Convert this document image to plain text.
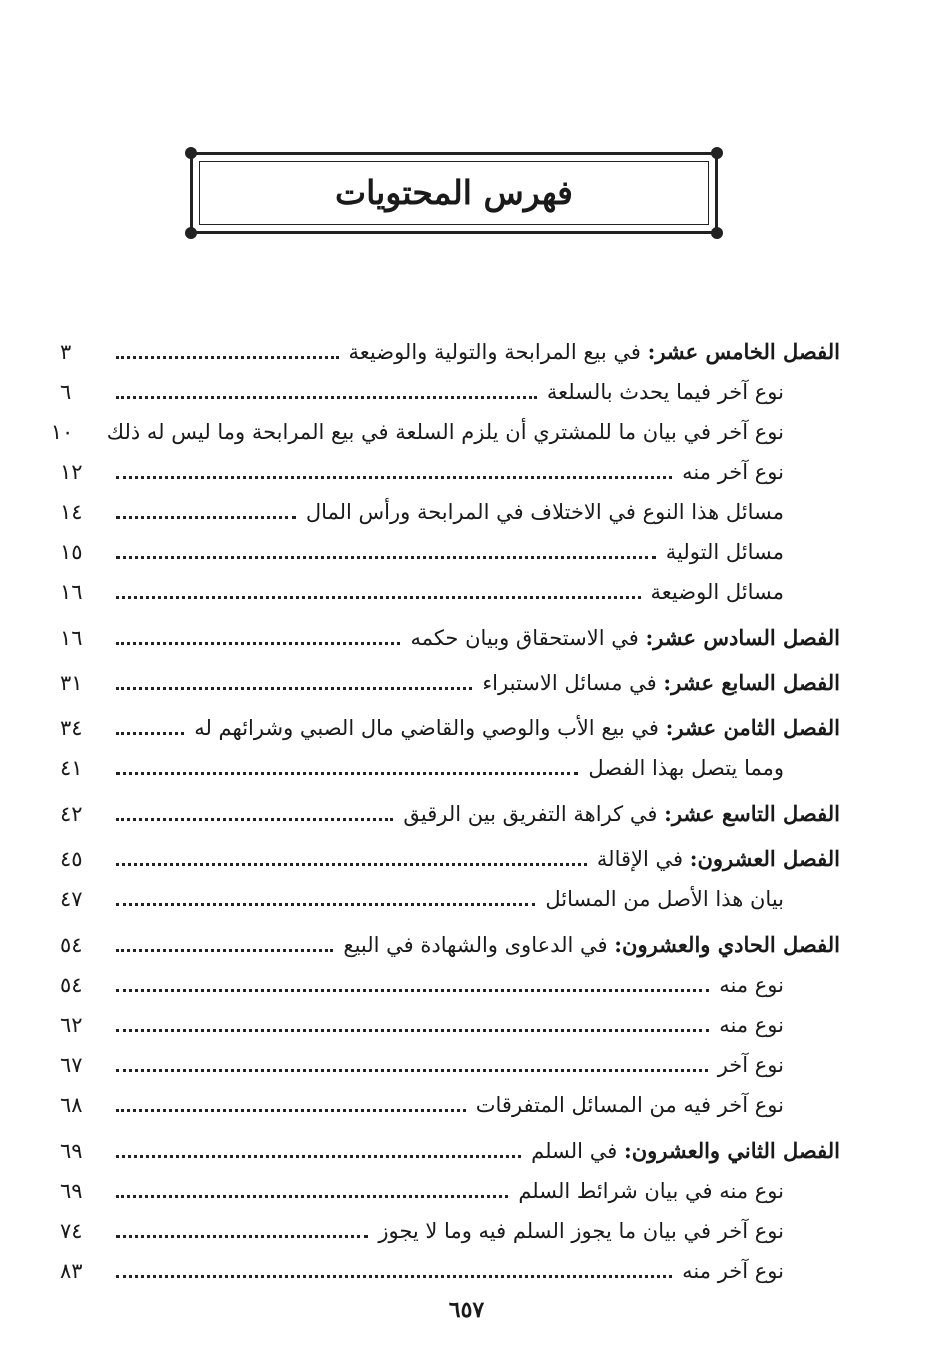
فهرس المحتويات
الفصل الخامس عشر: في بيع المرابحة والتولية والوضيعة
٣
نوع آخر فيما يحدث بالسلعة
٦
نوع آخر في بيان ما للمشتري أن يلزم السلعة في بيع المرابحة وما ليس له ذلك
١٠
نوع آخر منه
١٢
مسائل هذا النوع في الاختلاف في المرابحة ورأس المال
١٤
مسائل التولية
١٥
مسائل الوضيعة
١٦
الفصل السادس عشر: في الاستحقاق وبيان حكمه
١٦
الفصل السابع عشر: في مسائل الاستبراء
٣١
الفصل الثامن عشر: في بيع الأب والوصي والقاضي مال الصبي وشرائهم له
٣٤
ومما يتصل بهذا الفصل
٤١
الفصل التاسع عشر: في كراهة التفريق بين الرقيق
٤٢
الفصل العشرون: في الإقالة
٤٥
بيان هذا الأصل من المسائل
٤٧
الفصل الحادي والعشرون: في الدعاوى والشهادة في البيع
٥٤
نوع منه
٥٤
نوع منه
٦٢
نوع آخر
٦٧
نوع آخر فيه من المسائل المتفرقات
٦٨
الفصل الثاني والعشرون: في السلم
٦٩
نوع منه في بيان شرائط السلم
٦٩
نوع آخر في بيان ما يجوز السلم فيه وما لا يجوز
٧٤
نوع آخر منه
٨٣
٦٥٧
